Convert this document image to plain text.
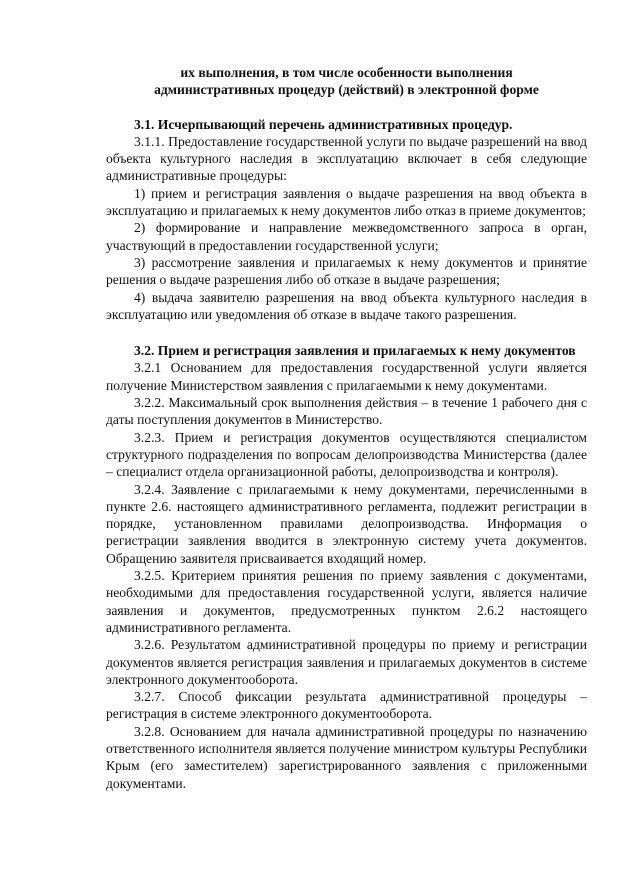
их выполнения, в том числе особенности выполнения

административных процедур (действий) в электронной форме

3.1. Исчерпывающий перечень административных процедур.

3.1.1. Предоставление государственной услуги по выдаче разрешений на ввод объекта культурного наследия в эксплуатацию включает в себя следующие административные процедуры:

1) прием и регистрация заявления о выдаче разрешения на ввод объекта в эксплуатацию и прилагаемых к нему документов либо отказ в приеме документов;

2) формирование и направление межведомственного запроса в орган, участвующий в предоставлении государственной услуги;

3) рассмотрение заявления и прилагаемых к нему документов и принятие решения о выдаче разрешения либо об отказе в выдаче разрешения;

4) выдача заявителю разрешения на ввод объекта культурного наследия в эксплуатацию или уведомления об отказе в выдаче такого разрешения.

3.2. Прием и регистрация заявления и прилагаемых к нему документов

3.2.1 Основанием для предоставления государственной услуги является получение Министерством заявления с прилагаемыми к нему документами.

3.2.2. Максимальный срок выполнения действия – в течение 1 рабочего дня с даты поступления документов в Министерство.

3.2.3. Прием и регистрация документов осуществляются специалистом структурного подразделения по вопросам делопроизводства Министерства (далее – специалист отдела организационной работы, делопроизводства и контроля).

3.2.4. Заявление с прилагаемыми к нему документами, перечисленными в пункте 2.6. настоящего административного регламента, подлежит регистрации в порядке, установленном правилами делопроизводства. Информация о регистрации заявления вводится в электронную систему учета документов. Обращению заявителя присваивается входящий номер.

3.2.5. Критерием принятия решения по приему заявления с документами, необходимыми для предоставления государственной услуги, является наличие заявления и документов, предусмотренных пунктом 2.6.2 настоящего административного регламента.

3.2.6. Результатом административной процедуры по приему и регистрации документов является регистрация заявления и прилагаемых документов в системе электронного документооборота.

3.2.7. Способ фиксации результата административной процедуры – регистрация в системе электронного документооборота.

3.2.8. Основанием для начала административной процедуры по назначению ответственного исполнителя является получение министром культуры Республики Крым (его заместителем) зарегистрированного заявления с приложенными документами.
